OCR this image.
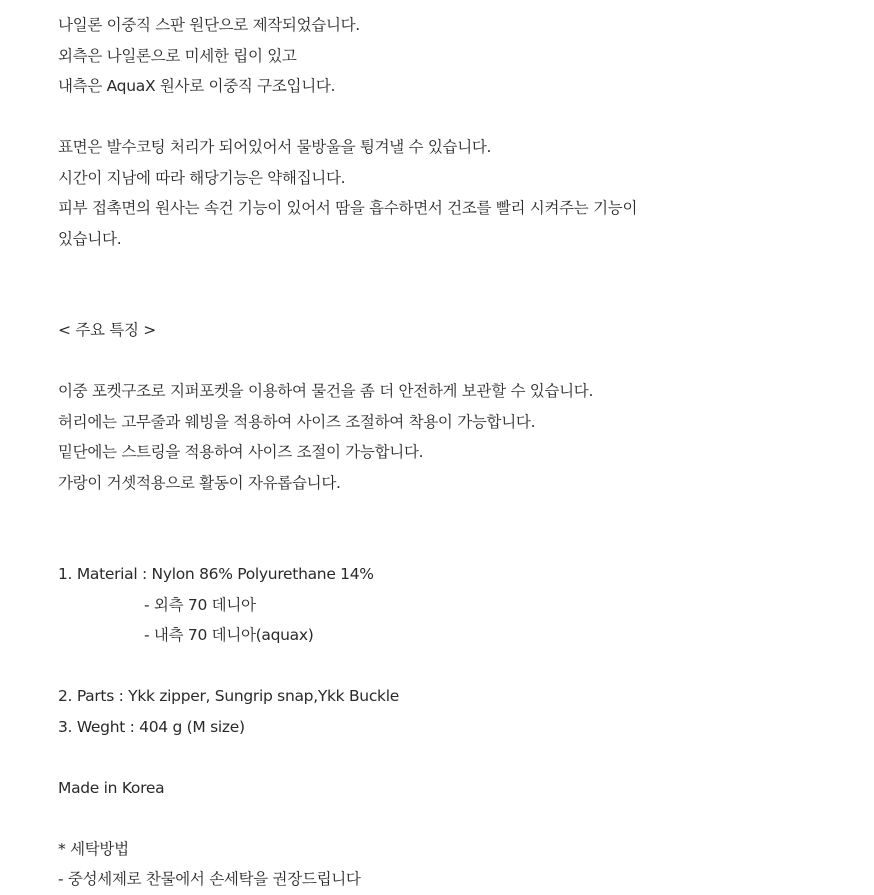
나일론 이중직 스판 원단으로 제작되었습니다.
외측은 나일론으로 미세한 립이 있고
내측은 AquaX 원사로 이중직 구조입니다.
표면은 발수코팅 처리가 되어있어서 물방울을 튕겨낼 수 있습니다.
시간이 지남에 따라 해당기능은 약해집니다.
피부 접촉면의 원사는 속건 기능이 있어서 땀을 흡수하면서 건조를 빨리 시켜주는 기능이
있습니다.
< 주요 특징 >
이중 포켓구조로 지퍼포켓을 이용하여 물건을 좀 더 안전하게 보관할 수 있습니다.
허리에는 고무줄과 웨빙을 적용하여 사이즈 조절하여 착용이 가능합니다.
밑단에는 스트링을 적용하여 사이즈 조절이 가능합니다.
가랑이 거셋적용으로 활동이 자유롭습니다.
1. Material : Nylon 86% Polyurethane 14%
- 외측 70 데니아
- 내측 70 데니아(aquax)
2. Parts : Ykk zipper, Sungrip snap,Ykk Buckle
3. Weght : 404 g (M size)
Made in Korea
* 세탁방법
- 중성세제로 찬물에서 손세탁을 권장드립니다
